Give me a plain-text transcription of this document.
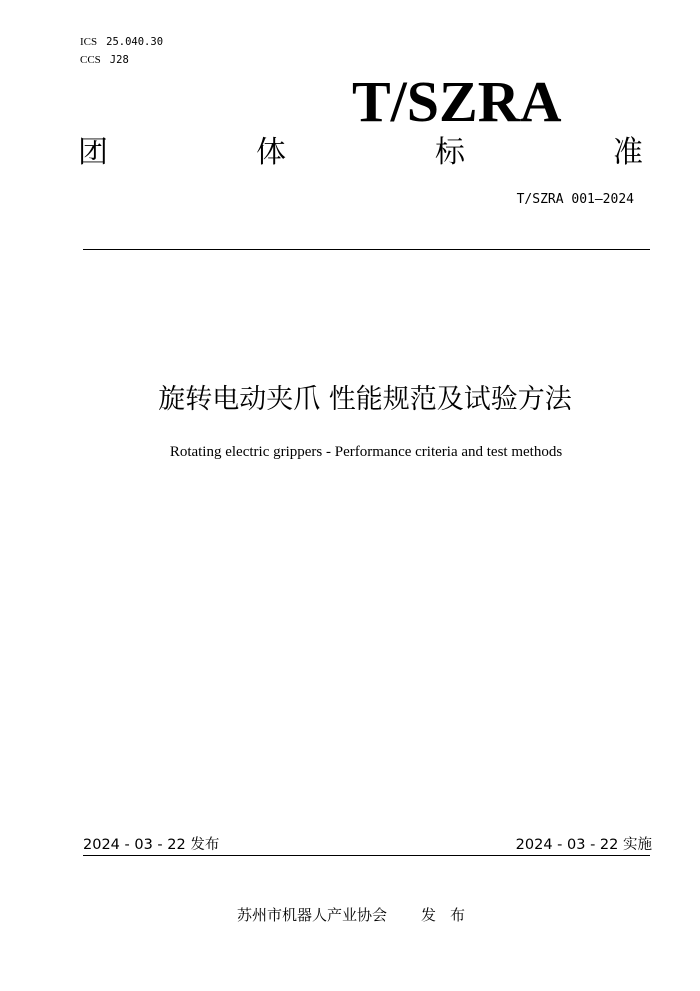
ICS 25.040.30
CCS J28
T/SZRA
团	体	标	准
T/SZRA 001—2024
旋转电动夹爪 性能规范及试验方法
Rotating electric grippers - Performance criteria and test methods
2024 - 03 - 22 发布	2024 - 03 - 22 实施
苏州市机器人产业协会 发布
